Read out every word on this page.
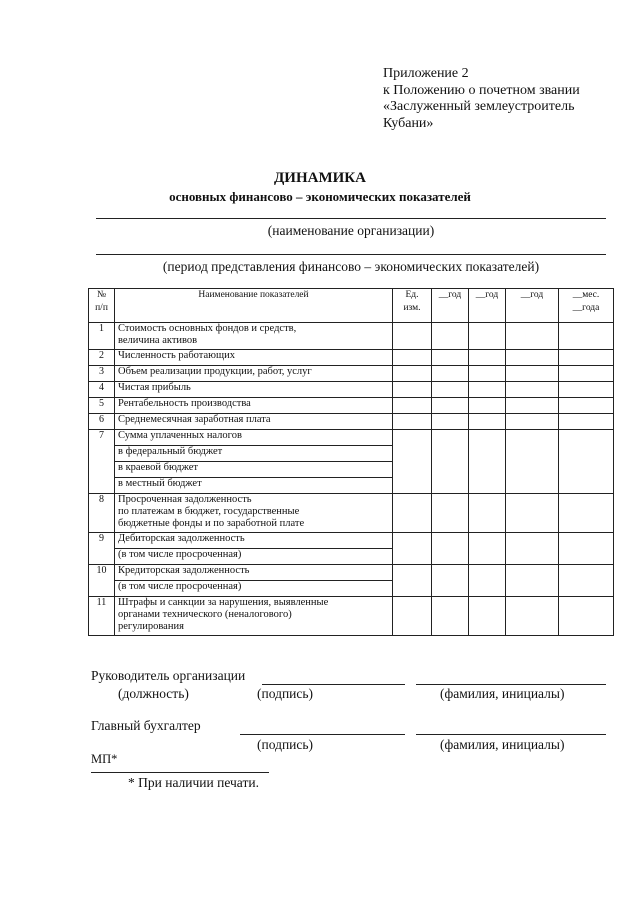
Приложение 2
к Положению о почетном звании
«Заслуженный землеустроитель
Кубани»
ДИНАМИКА
основных финансово – экономических показателей
(наименование организации)
(период представления финансово – экономических показателей)
№ п/п	Наименование показателей	Ед. изм.	__год	__год	__год	__мес.
__года

1	Стоимость основных фондов и средств,
величина активов					

2	Численность работающих					

3	Объем реализации продукции, работ, услуг					

4	Чистая прибыль					

5	Рентабельность производства					

6	Среднемесячная заработная плата					

7	Сумма уплаченных налогов					

	в федеральный бюджет					
	в краевой бюджет					
	в местный бюджет					
8	Просроченная задолженность
по платежам в бюджет, государственные
бюджетные фонды и по заработной плате					

9	Дебиторская задолженность					

	(в том числе просроченная)					
10	Кредиторская задолженность					

	(в том числе просроченная)					
11	Штрафы и санкции за нарушения, выявленные
органами технического (неналогового)
регулирования					

Руководитель организации
(должность)	(подпись)	(фамилия, инициалы)
Главный бухгалтер
(подпись)	(фамилия, инициалы)
МП*
* При наличии печати.
